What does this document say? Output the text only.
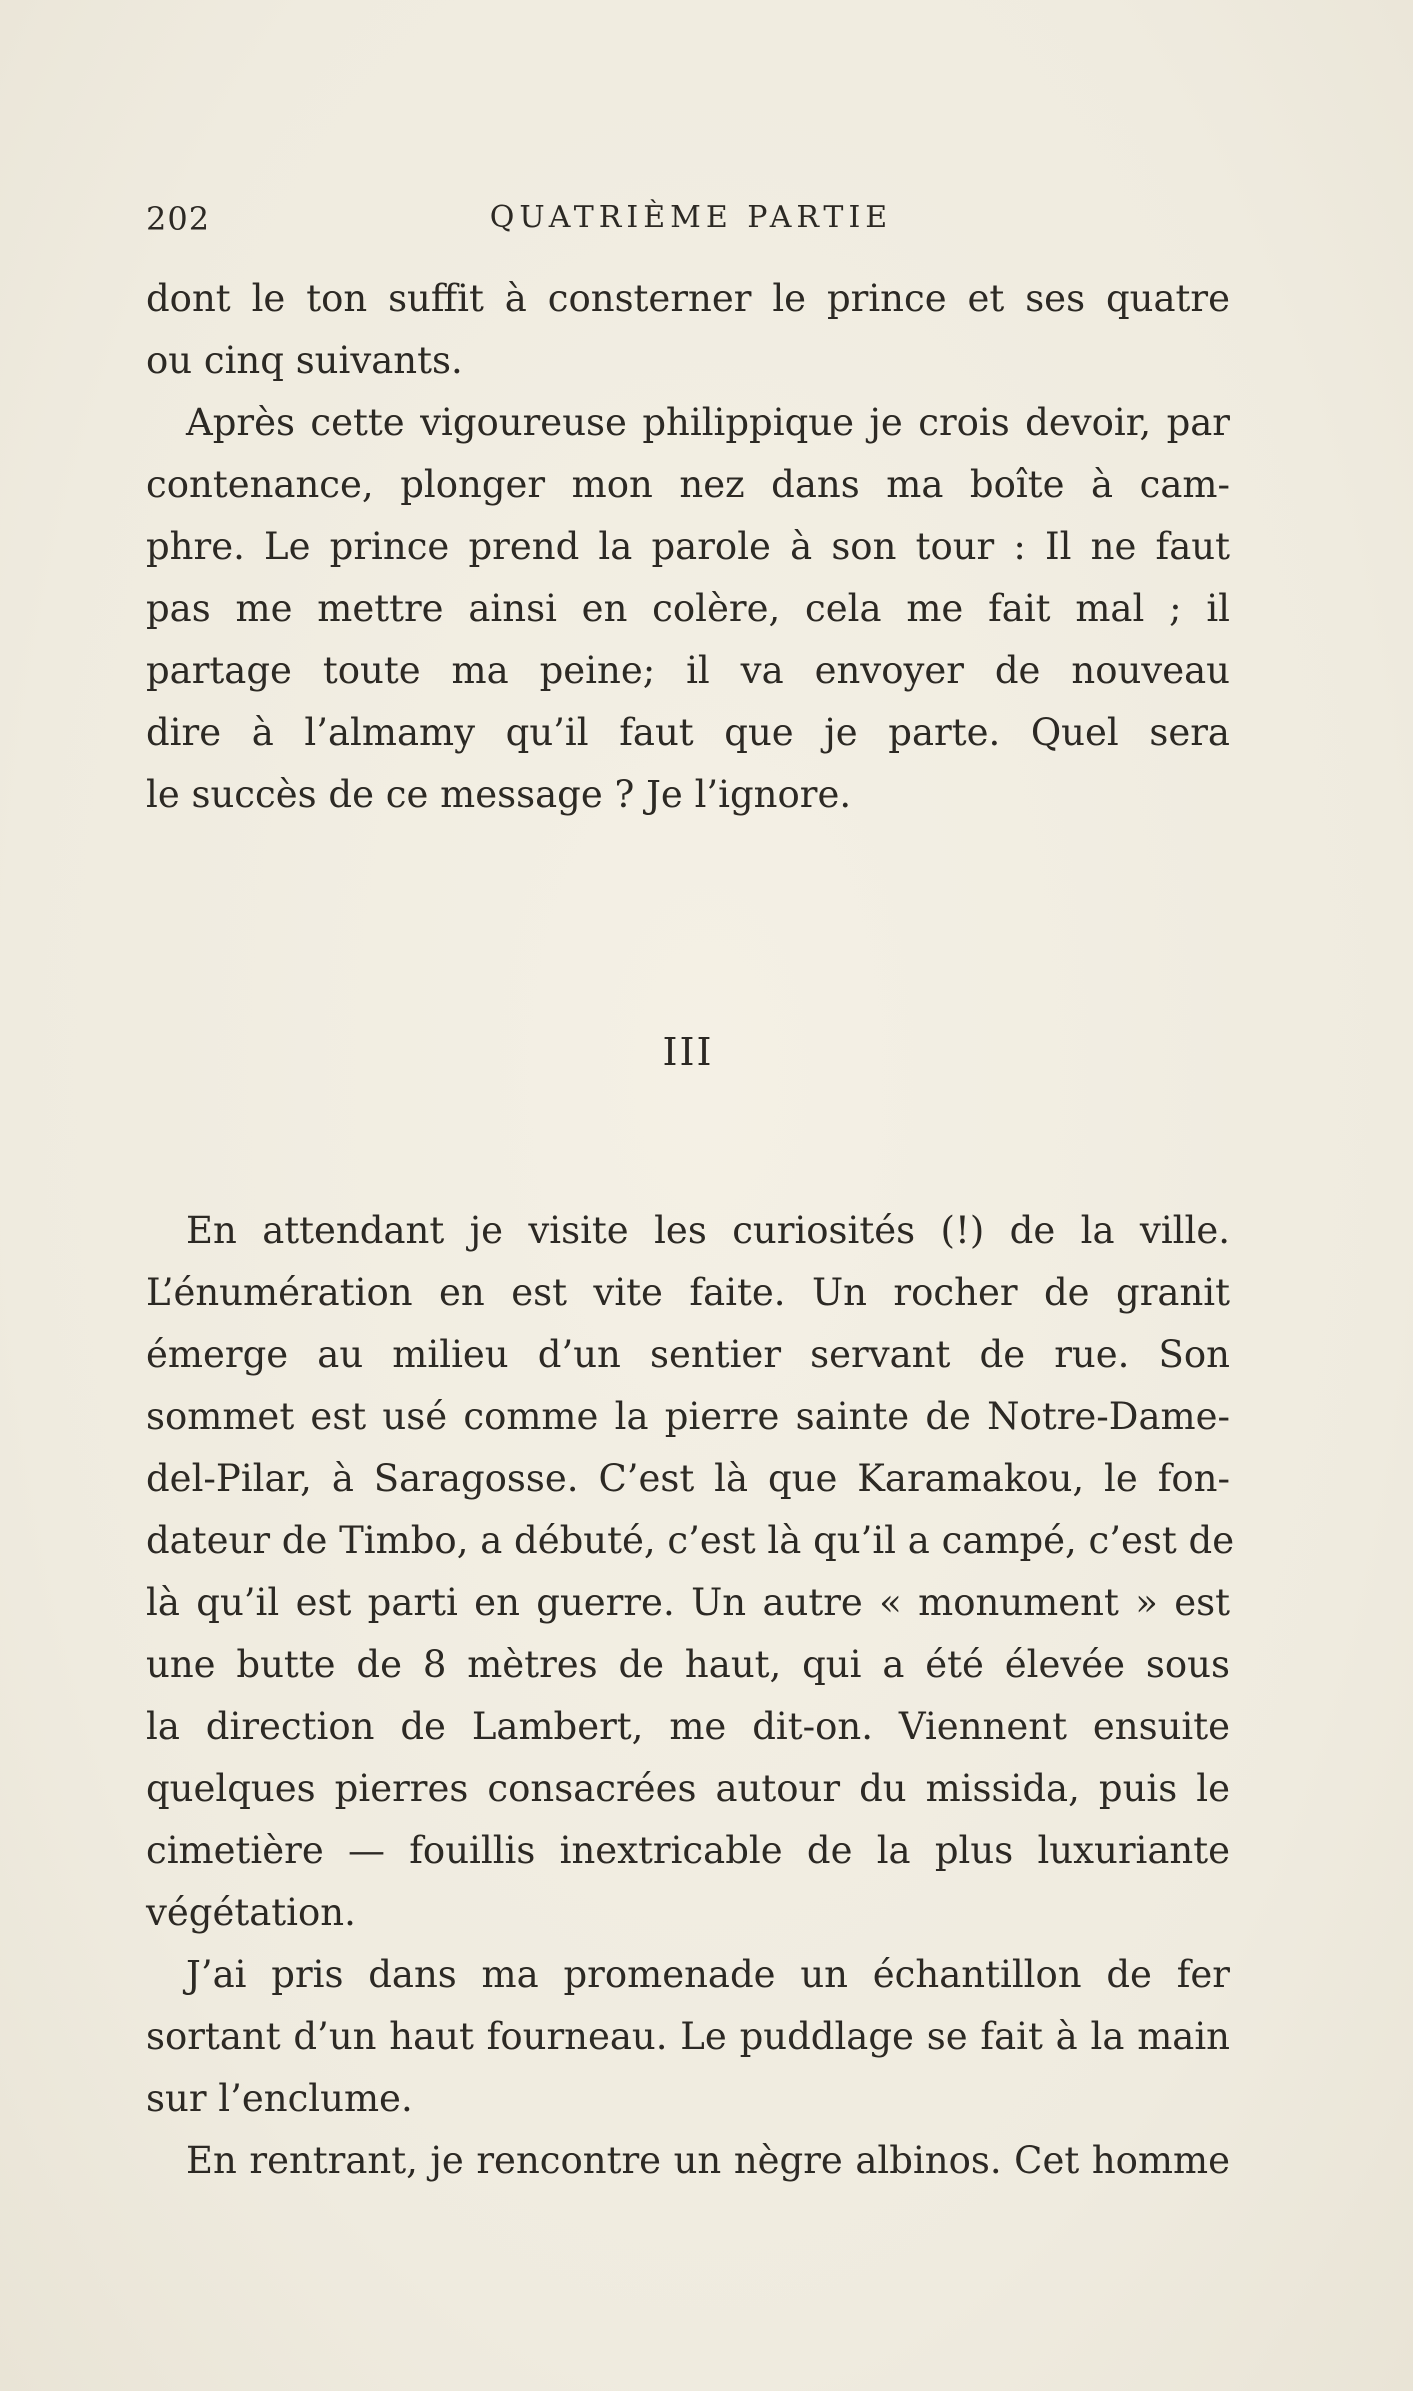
202	QUATRIÈME PARTIE
dont le ton suffit à consterner le prince et ses quatre
ou cinq suivants.
Après cette vigoureuse philippique je crois devoir, par
contenance, plonger mon nez dans ma boîte à cam-
phre. Le prince prend la parole à son tour : Il ne faut
pas me mettre ainsi en colère, cela me fait mal ; il
partage toute ma peine; il va envoyer de nouveau
dire à l’almamy qu’il faut que je parte. Quel sera
le succès de ce message ? Je l’ignore.
III
En attendant je visite les curiosités (!) de la ville.
L’énumération en est vite faite. Un rocher de granit
émerge au milieu d’un sentier servant de rue. Son
sommet est usé comme la pierre sainte de Notre-Dame-
del-Pilar, à Saragosse. C’est là que Karamakou, le fon-
dateur de Timbo, a débuté, c’est là qu’il a campé, c’est de
là qu’il est parti en guerre. Un autre « monument » est
une butte de 8 mètres de haut, qui a été élevée sous
la direction de Lambert, me dit-on. Viennent ensuite
quelques pierres consacrées autour du missida, puis le
cimetière — fouillis inextricable de la plus luxuriante
végétation.
J’ai pris dans ma promenade un échantillon de fer
sortant d’un haut fourneau. Le puddlage se fait à la main
sur l’enclume.
En rentrant, je rencontre un nègre albinos. Cet homme
